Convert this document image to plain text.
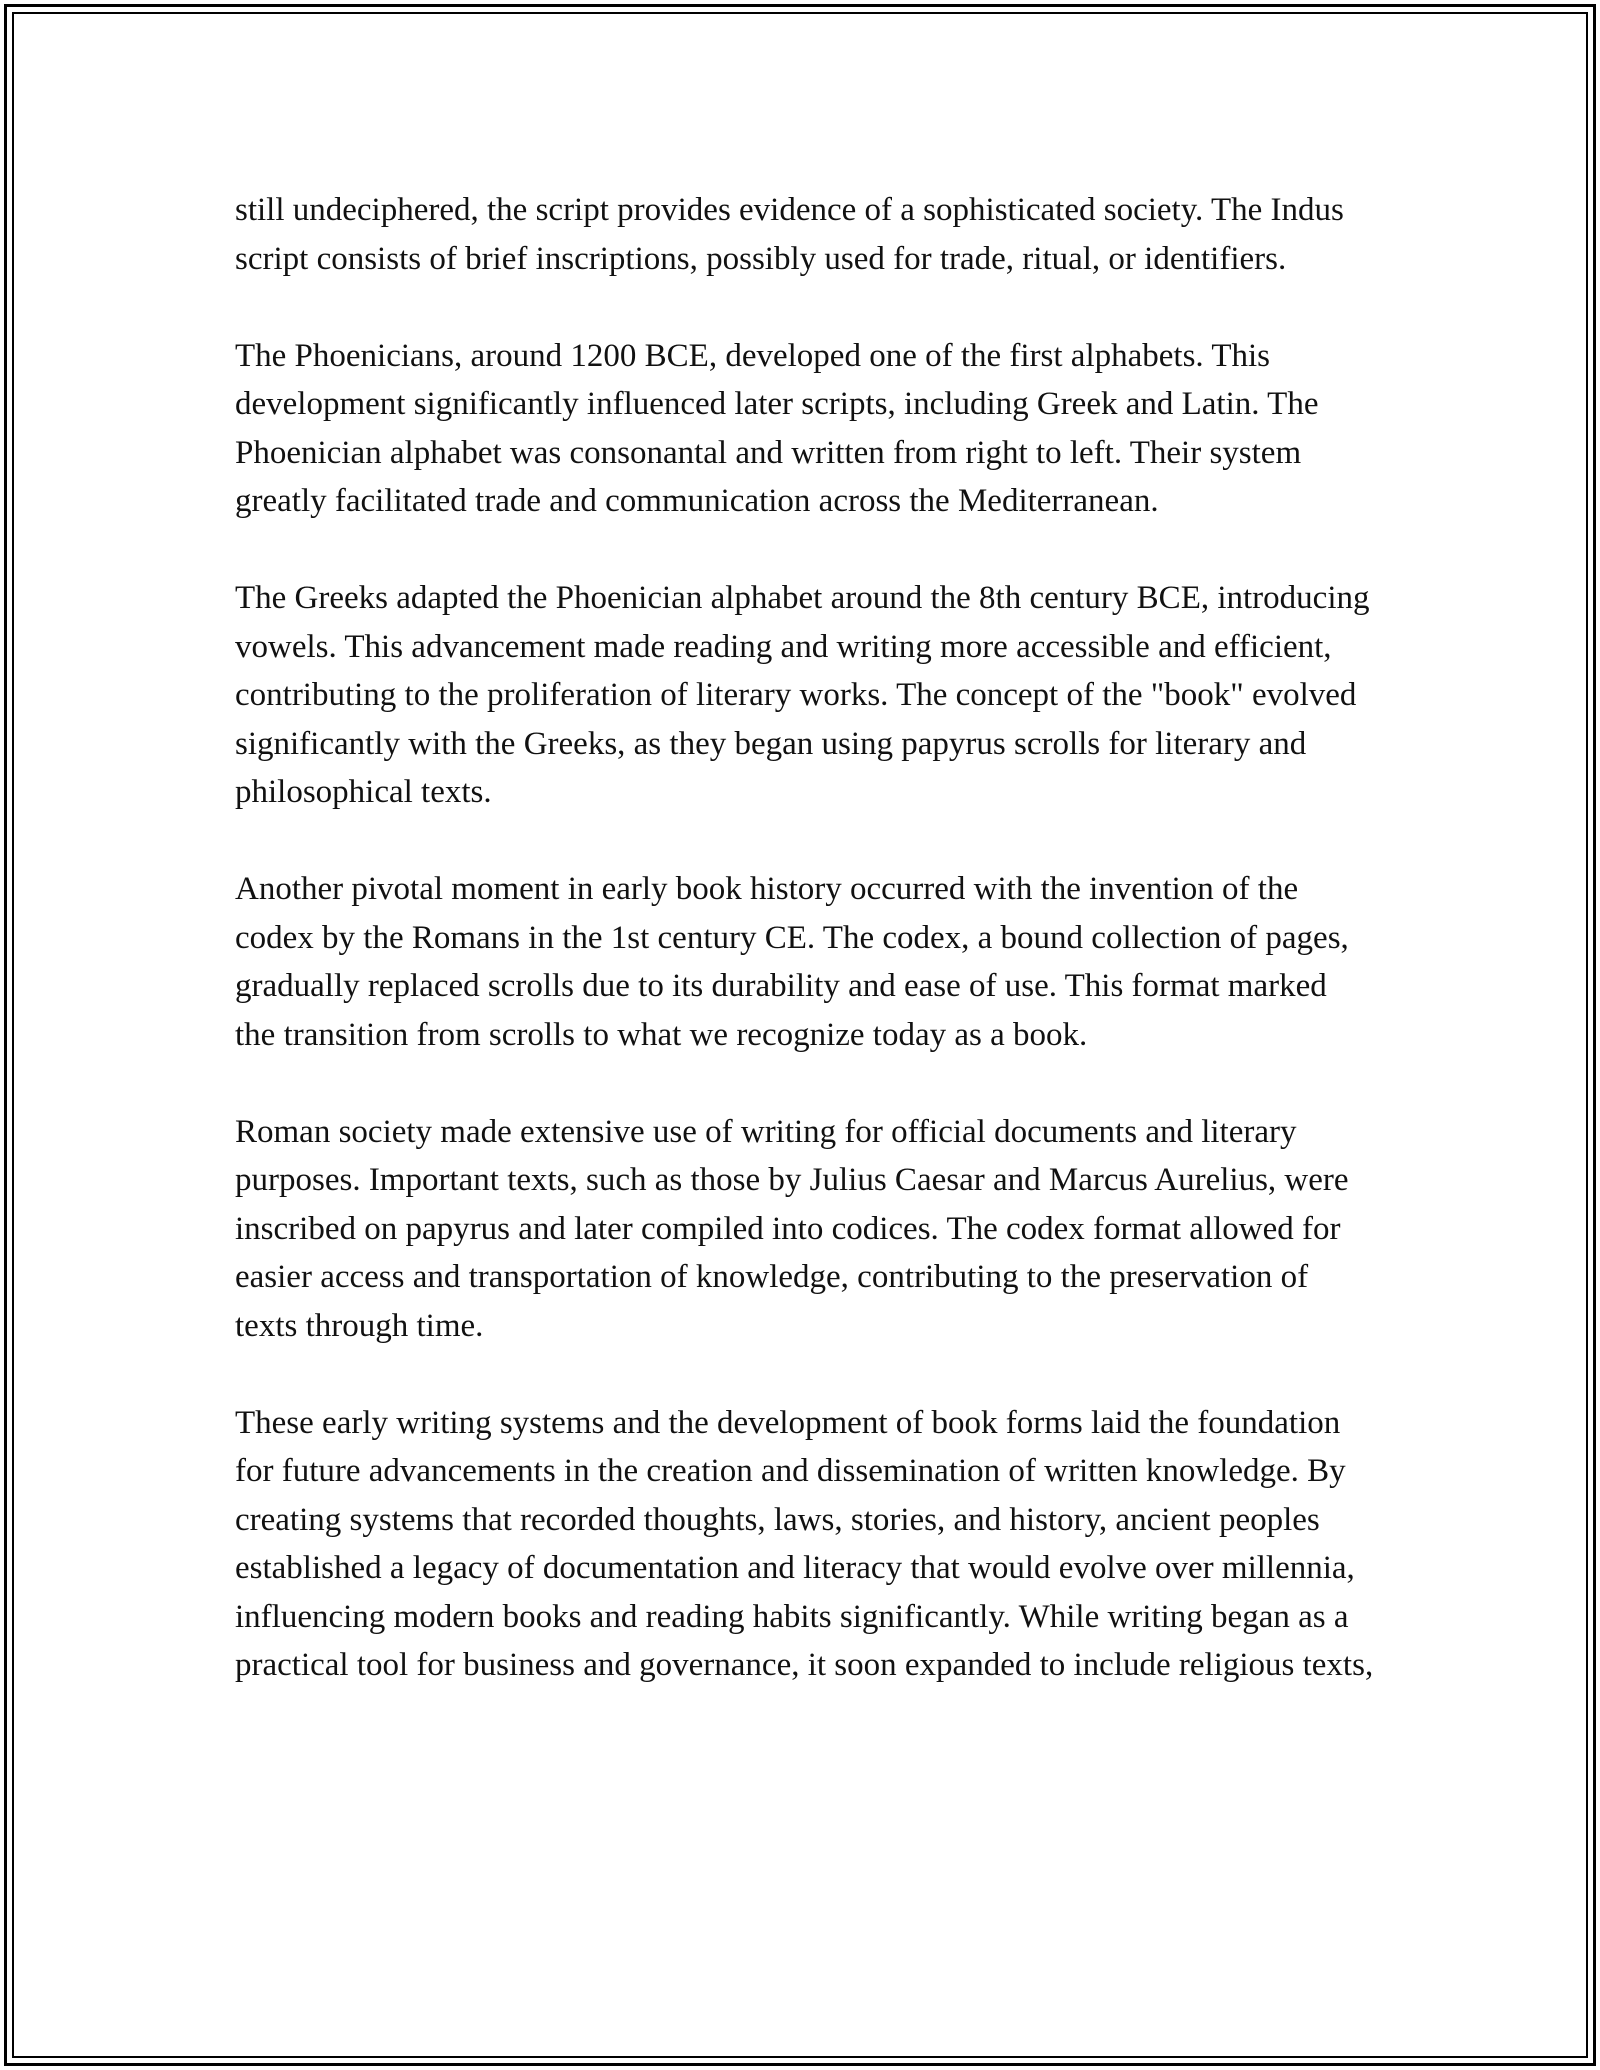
still undeciphered, the script provides evidence of a sophisticated society. The Indus script consists of brief inscriptions, possibly used for trade, ritual, or identifiers.

The Phoenicians, around 1200 BCE, developed one of the first alphabets. This development significantly influenced later scripts, including Greek and Latin. The Phoenician alphabet was consonantal and written from right to left. Their system greatly facilitated trade and communication across the Mediterranean.

The Greeks adapted the Phoenician alphabet around the 8th century BCE, introducing vowels. This advancement made reading and writing more accessible and efficient, contributing to the proliferation of literary works. The concept of the "book" evolved significantly with the Greeks, as they began using papyrus scrolls for literary and philosophical texts.

Another pivotal moment in early book history occurred with the invention of the codex by the Romans in the 1st century CE. The codex, a bound collection of pages, gradually replaced scrolls due to its durability and ease of use. This format marked the transition from scrolls to what we recognize today as a book.

Roman society made extensive use of writing for official documents and literary purposes. Important texts, such as those by Julius Caesar and Marcus Aurelius, were inscribed on papyrus and later compiled into codices. The codex format allowed for easier access and transportation of knowledge, contributing to the preservation of texts through time.

These early writing systems and the development of book forms laid the foundation for future advancements in the creation and dissemination of written knowledge. By creating systems that recorded thoughts, laws, stories, and history, ancient peoples established a legacy of documentation and literacy that would evolve over millennia, influencing modern books and reading habits significantly. While writing began as a practical tool for business and governance, it soon expanded to include religious texts,
